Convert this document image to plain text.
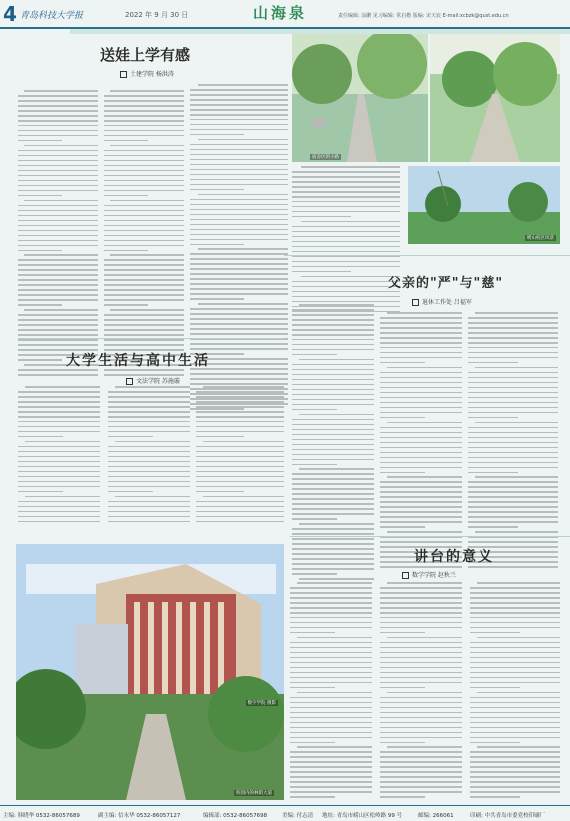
4 青岛科技大学报	2022 年 9 月 30 日	山海泉	责任编辑: 涂鹏 见习编辑: 常启楷 版编: 宋天宸 E-mail:xcbzk@qust.edu.cn
送娃上学有感
土建学院 杨洪涛
宿舍区的小路
崂山校区风景
父亲的"严"与"慈"
退休工作处 吕福军
大学生活与高中生活
文法学院 苏施璇
数字学院 摄影
校园内的林荫大道
讲台的意义
数学学院 赵秋兰
主编: 韩晓华 0532-86057689	副主编: 信永华 0532-86057127	编辑部: 0532-86057698	美编: 付志清 地址: 青岛市崂山区松岭路 99 号	邮编: 266061	印刷: 中共青岛市委党校印刷厂
